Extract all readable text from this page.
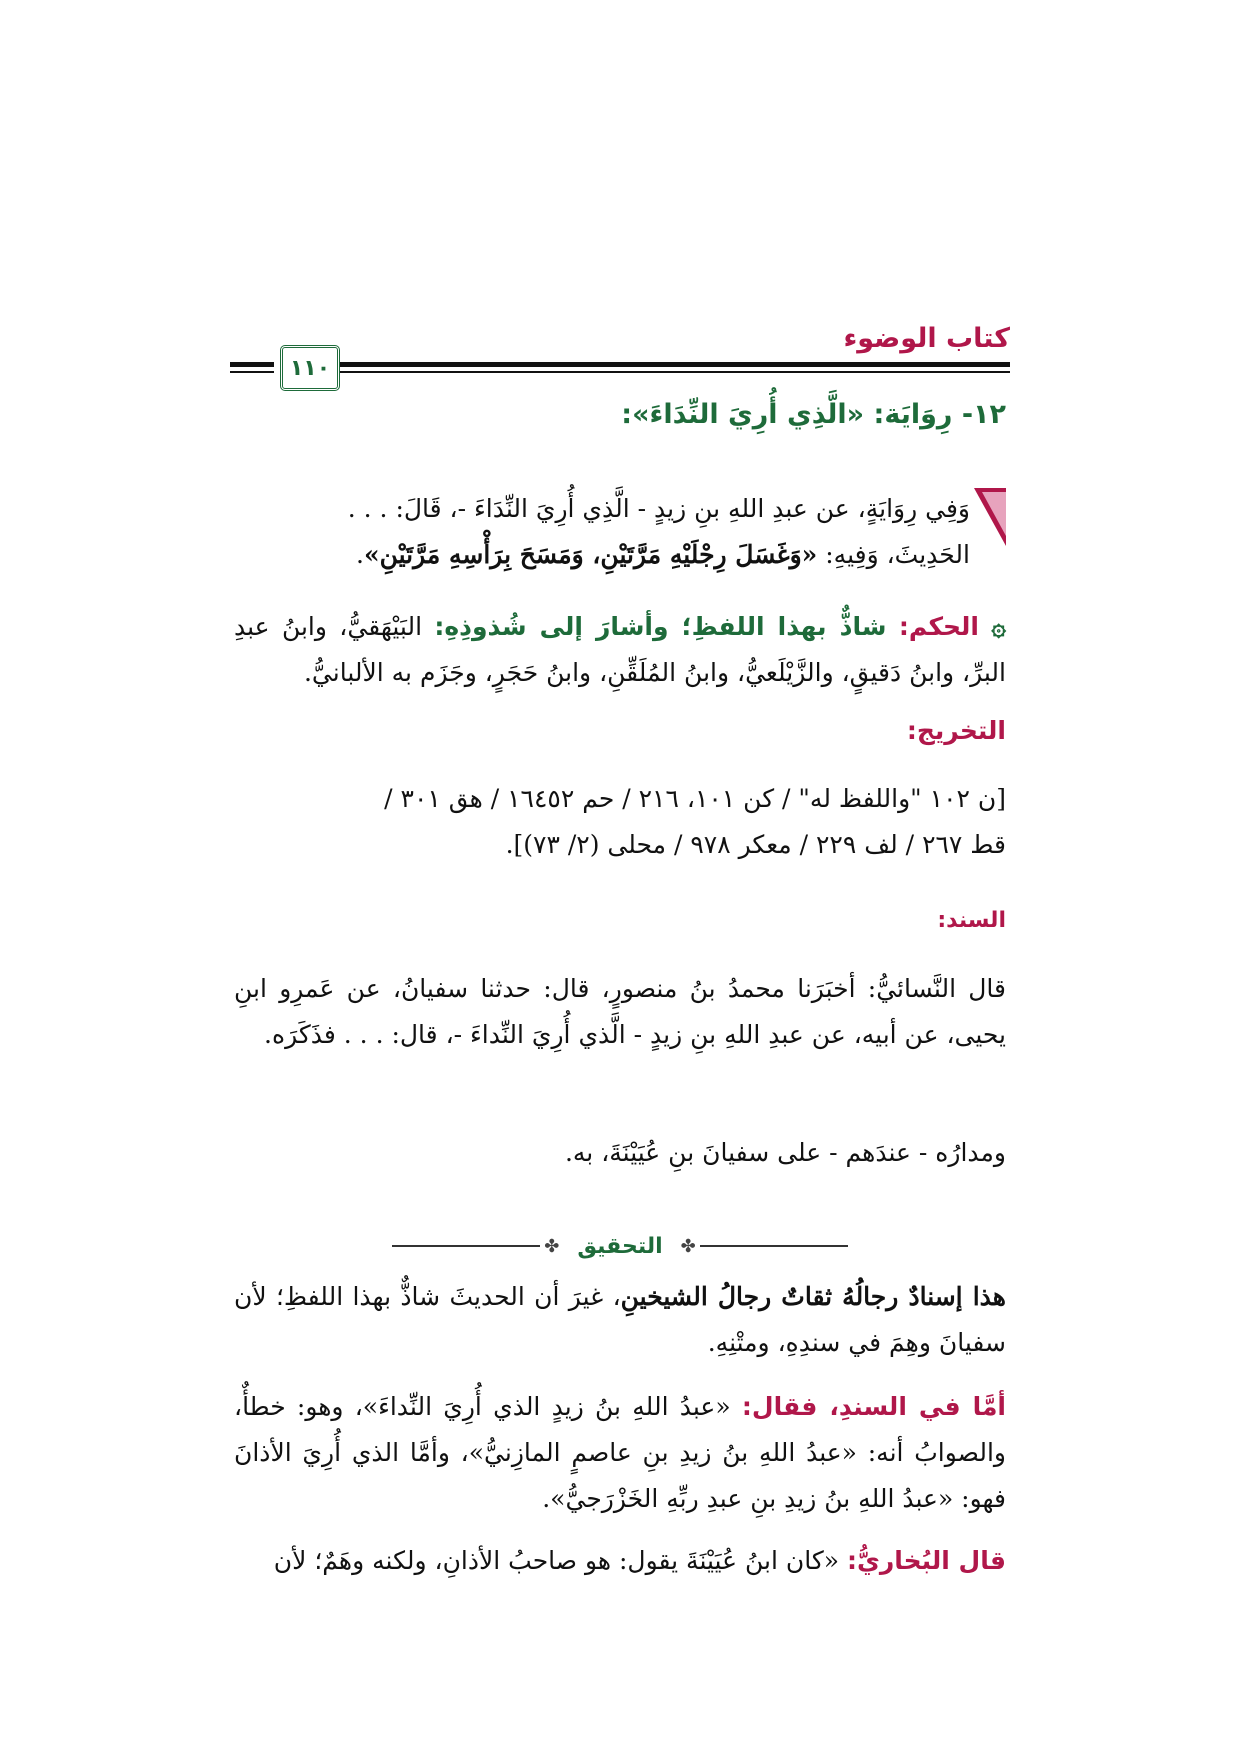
كتاب الوضوء
١١٠

١٢- رِوَايَة: «الَّذِي أُرِيَ النِّدَاءَ»:

وَفِي رِوَايَةٍ، عن عبدِ اللهِ بنِ زيدٍ - الَّذِي أُرِيَ النِّدَاءَ -، قَالَ: . . .

الحَدِيثَ، وَفِيهِ: «وَغَسَلَ رِجْلَيْهِ مَرَّتَيْنِ، وَمَسَحَ بِرَأْسِهِ مَرَّتَيْنِ».

۞ الحكم: شاذٌّ بهذا اللفظِ؛ وأشارَ إلى شُذوذِهِ: البَيْهَقيُّ، وابنُ عبدِ البرِّ، وابنُ دَقيقٍ، والزَّيْلَعيُّ، وابنُ المُلَقِّنِ، وابنُ حَجَرٍ، وجَزَم به الألبانيُّ.

التخريج:

[ن ١٠٢ "واللفظ له" / كن ١٠١، ٢١٦ / حم ١٦٤٥٢ / هق ٣٠١ /

قط ٢٦٧ / لف ٢٢٩ / معكر ٩٧٨ / محلى (٢/ ٧٣)].

السند:

قال النَّسائيُّ: أخبَرَنا محمدُ بنُ منصورٍ، قال: حدثنا سفيانُ، عن عَمرِو ابنِ يحيى، عن أبيه، عن عبدِ اللهِ بنِ زيدٍ - الَّذي أُرِيَ النِّداءَ -، قال: . . . فذَكَرَه.

ومدارُه - عندَهم - على سفيانَ بنِ عُيَيْنَةَ، به.

✤
التحقيق
✤

هذا إسنادٌ رجالُهُ ثقاتٌ رجالُ الشيخينِ، غيرَ أن الحديثَ شاذٌّ بهذا اللفظِ؛ لأن سفيانَ وهِمَ في سندِهِ، ومتْنِهِ.

أمَّا في السندِ، فقال: «عبدُ اللهِ بنُ زيدٍ الذي أُرِيَ النِّداءَ»، وهو: خطأٌ، والصوابُ أنه: «عبدُ اللهِ بنُ زيدِ بنِ عاصمٍ المازِنيُّ»، وأمَّا الذي أُرِيَ الأذانَ فهو: «عبدُ اللهِ بنُ زيدِ بنِ عبدِ ربِّهِ الخَزْرَجيُّ».

قال البُخاريُّ: «كان ابنُ عُيَيْنَةَ يقول: هو صاحبُ الأذانِ، ولكنه وهَمٌ؛ لأن
